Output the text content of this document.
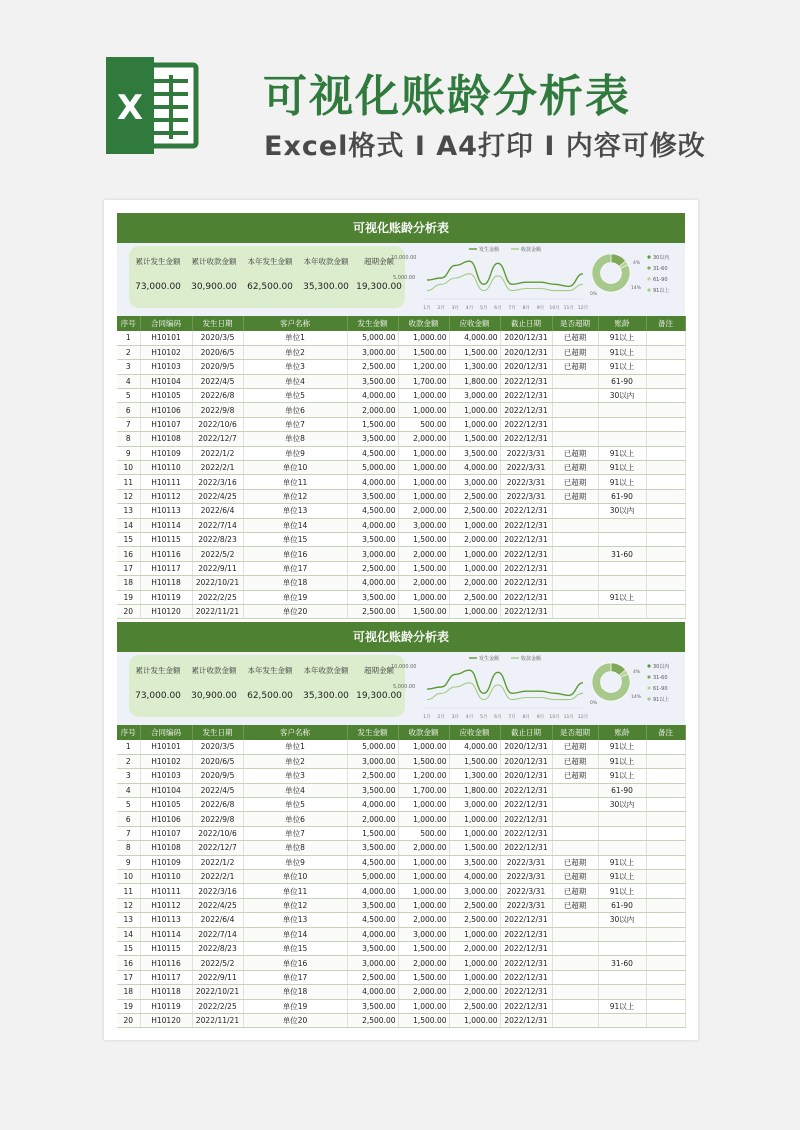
X	可视化账龄分析表
Excel格式 I A4打印 I 内容可修改
可视化账龄分析表
累计发生金额
73,000.00
累计收款金额
30,900.00
本年发生金额
62,500.00
本年收款金额
35,300.00
超期金额
19,300.00
10,000.00
5,000.00
发生金额	收款金额
1月 2月 3月 4月 5月 6月 7月 8月 9月 10月 11月 12月
4%
14%
0%
30以内
31-60
61-90
91以上
序号	合同编码	发生日期	客户名称	发生金额	收款金额	应收金额	截止日期	是否超期	账龄	备注
1	H10101	2020/3/5	单位1	5,000.00	1,000.00	4,000.00	2020/12/31	已超期	91以上	
2	H10102	2020/6/5	单位2	3,000.00	1,500.00	1,500.00	2020/12/31	已超期	91以上	
3	H10103	2020/9/5	单位3	2,500.00	1,200.00	1,300.00	2020/12/31	已超期	91以上	
4	H10104	2022/4/5	单位4	3,500.00	1,700.00	1,800.00	2022/12/31		61-90	
5	H10105	2022/6/8	单位5	4,000.00	1,000.00	3,000.00	2022/12/31		30以内	
6	H10106	2022/9/8	单位6	2,000.00	1,000.00	1,000.00	2022/12/31			
7	H10107	2022/10/6	单位7	1,500.00	500.00	1,000.00	2022/12/31			
8	H10108	2022/12/7	单位8	3,500.00	2,000.00	1,500.00	2022/12/31			
9	H10109	2022/1/2	单位9	4,500.00	1,000.00	3,500.00	2022/3/31	已超期	91以上	
10	H10110	2022/2/1	单位10	5,000.00	1,000.00	4,000.00	2022/3/31	已超期	91以上	
11	H10111	2022/3/16	单位11	4,000.00	1,000.00	3,000.00	2022/3/31	已超期	91以上	
12	H10112	2022/4/25	单位12	3,500.00	1,000.00	2,500.00	2022/3/31	已超期	61-90	
13	H10113	2022/6/4	单位13	4,500.00	2,000.00	2,500.00	2022/12/31		30以内	
14	H10114	2022/7/14	单位14	4,000.00	3,000.00	1,000.00	2022/12/31			
15	H10115	2022/8/23	单位15	3,500.00	1,500.00	2,000.00	2022/12/31			
16	H10116	2022/5/2	单位16	3,000.00	2,000.00	1,000.00	2022/12/31		31-60	
17	H10117	2022/9/11	单位17	2,500.00	1,500.00	1,000.00	2022/12/31			
18	H10118	2022/10/21	单位18	4,000.00	2,000.00	2,000.00	2022/12/31			
19	H10119	2022/2/25	单位19	3,500.00	1,000.00	2,500.00	2022/12/31		91以上	
20	H10120	2022/11/21	单位20	2,500.00	1,500.00	1,000.00	2022/12/31			
可视化账龄分析表
累计发生金额
73,000.00
累计收款金额
30,900.00
本年发生金额
62,500.00
本年收款金额
35,300.00
超期金额
19,300.00
10,000.00
5,000.00
发生金额	收款金额
1月 2月 3月 4月 5月 6月 7月 8月 9月 10月 11月 12月
4%
14%
0%
30以内
31-60
61-90
91以上
序号	合同编码	发生日期	客户名称	发生金额	收款金额	应收金额	截止日期	是否超期	账龄	备注
1	H10101	2020/3/5	单位1	5,000.00	1,000.00	4,000.00	2020/12/31	已超期	91以上	
2	H10102	2020/6/5	单位2	3,000.00	1,500.00	1,500.00	2020/12/31	已超期	91以上	
3	H10103	2020/9/5	单位3	2,500.00	1,200.00	1,300.00	2020/12/31	已超期	91以上	
4	H10104	2022/4/5	单位4	3,500.00	1,700.00	1,800.00	2022/12/31		61-90	
5	H10105	2022/6/8	单位5	4,000.00	1,000.00	3,000.00	2022/12/31		30以内	
6	H10106	2022/9/8	单位6	2,000.00	1,000.00	1,000.00	2022/12/31			
7	H10107	2022/10/6	单位7	1,500.00	500.00	1,000.00	2022/12/31			
8	H10108	2022/12/7	单位8	3,500.00	2,000.00	1,500.00	2022/12/31			
9	H10109	2022/1/2	单位9	4,500.00	1,000.00	3,500.00	2022/3/31	已超期	91以上	
10	H10110	2022/2/1	单位10	5,000.00	1,000.00	4,000.00	2022/3/31	已超期	91以上	
11	H10111	2022/3/16	单位11	4,000.00	1,000.00	3,000.00	2022/3/31	已超期	91以上	
12	H10112	2022/4/25	单位12	3,500.00	1,000.00	2,500.00	2022/3/31	已超期	61-90	
13	H10113	2022/6/4	单位13	4,500.00	2,000.00	2,500.00	2022/12/31		30以内	
14	H10114	2022/7/14	单位14	4,000.00	3,000.00	1,000.00	2022/12/31			
15	H10115	2022/8/23	单位15	3,500.00	1,500.00	2,000.00	2022/12/31			
16	H10116	2022/5/2	单位16	3,000.00	2,000.00	1,000.00	2022/12/31		31-60	
17	H10117	2022/9/11	单位17	2,500.00	1,500.00	1,000.00	2022/12/31			
18	H10118	2022/10/21	单位18	4,000.00	2,000.00	2,000.00	2022/12/31			
19	H10119	2022/2/25	单位19	3,500.00	1,000.00	2,500.00	2022/12/31		91以上	
20	H10120	2022/11/21	单位20	2,500.00	1,500.00	1,000.00	2022/12/31			
